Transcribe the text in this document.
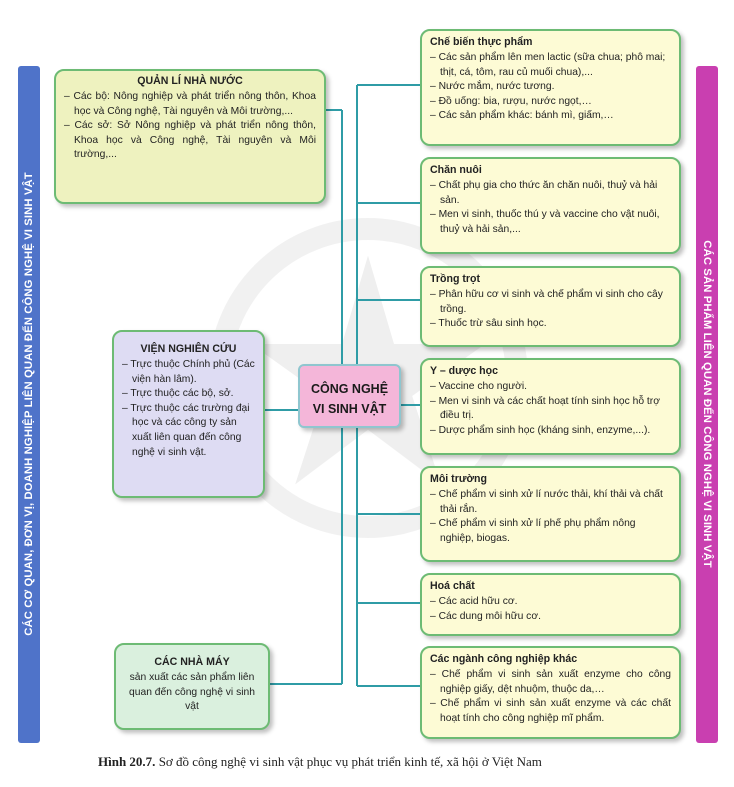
CÁC CƠ QUAN, ĐƠN VỊ, DOANH NGHIỆP LIÊN QUAN ĐẾN CÔNG NGHỆ VI SINH VẬT	CÁC SẢN PHẨM LIÊN QUAN ĐẾN CÔNG NGHỆ VI SINH VẬT
CÔNG NGHỆ
VI SINH VẬT
QUẢN LÍ NHÀ NƯỚC
– Các bộ: Nông nghiệp và phát triển nông thôn, Khoa học và Công nghệ, Tài nguyên và Môi trường,...
– Các sở: Sở Nông nghiệp và phát triển nông thôn, Khoa học và Công nghệ, Tài nguyên và Môi trường,...
VIỆN NGHIÊN CỨU
– Trực thuộc Chính phủ (Các viện hàn lâm).
– Trực thuộc các bộ, sở.
– Trực thuộc các trường đại học và các công ty sản xuất liên quan đến công nghệ vi sinh vật.
CÁC NHÀ MÁY
sản xuất các sản phẩm liên quan đến công nghệ vi sinh vật
Chế biến thực phẩm
– Các sản phẩm lên men lactic (sữa chua; phô mai; thịt, cá, tôm, rau củ muối chua),...
– Nước mắm, nước tương.
– Đồ uống: bia, rượu, nước ngọt,…
– Các sản phẩm khác: bánh mì, giấm,…
Chăn nuôi
– Chất phụ gia cho thức ăn chăn nuôi, thuỷ và hải sản.
– Men vi sinh, thuốc thú y và vaccine cho vật nuôi, thuỷ và hải sản,...
Trồng trọt
– Phân hữu cơ vi sinh và chế phẩm vi sinh cho cây trồng.
– Thuốc trừ sâu sinh học.
Y – dược học
– Vaccine cho người.
– Men vi sinh và các chất hoạt tính sinh học hỗ trợ điều trị.
– Dược phẩm sinh học (kháng sinh, enzyme,...).
Môi trường
– Chế phẩm vi sinh xử lí nước thải, khí thải và chất thải rắn.
– Chế phẩm vi sinh xử lí phế phụ phẩm nông nghiệp, biogas.
Hoá chất
– Các acid hữu cơ.
– Các dung môi hữu cơ.
Các ngành công nghiệp khác
– Chế phẩm vi sinh sản xuất enzyme cho công nghiệp giấy, dệt nhuộm, thuộc da,…
– Chế phẩm vi sinh sản xuất enzyme và các chất hoạt tính cho công nghiệp mĩ phẩm.
Hình 20.7. Sơ đồ công nghệ vi sinh vật phục vụ phát triển kinh tế, xã hội ở Việt Nam
